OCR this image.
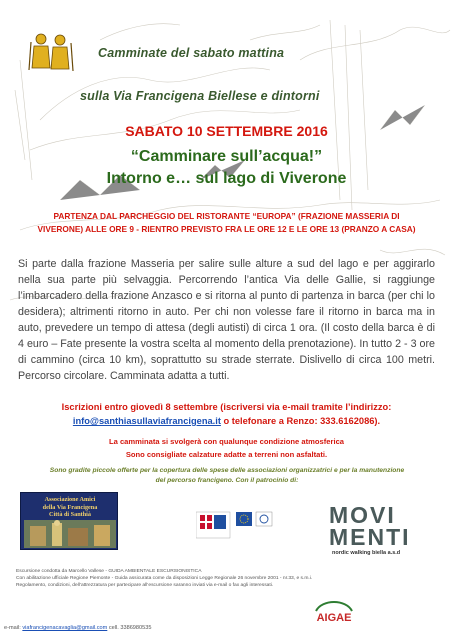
Camminate del sabato mattina
sulla Via Francigena Biellese e dintorni
SABATO 10 SETTEMBRE 2016
“Camminare sull’acqua!”
Intorno e… sul lago di Viverone
PARTENZA DAL PARCHEGGIO DEL RISTORANTE “EUROPA” (FRAZIONE MASSERIA DI
VIVERONE) ALLE ORE 9 - RIENTRO PREVISTO FRA LE ORE 12 E LE ORE 13 (PRANZO A CASA)
Si parte dalla frazione Masseria per salire sulle alture a sud del lago e per aggirarlo nella sua parte più selvaggia. Percorrendo l’antica Via delle Gallie, si raggiunge l’imbarcadero della frazione Anzasco e si ritorna al punto di partenza in barca (per chi lo desidera); altrimenti ritorno in auto. Per chi non volesse fare il ritorno in barca ma in auto, prevedere un tempo di attesa (degli autisti) di circa 1 ora. (Il costo della barca è di 4 euro – Fate presente la vostra scelta al momento della prenotazione). In tutto 2 - 3 ore di cammino (circa 10 km), soprattutto su strade sterrate. Dislivello di circa 100 metri. Percorso circolare. Camminata adatta a tutti.
Iscrizioni entro giovedì 8 settembre (iscriversi via e-mail tramite l’indirizzo:
info@santhiasullaviafrancigena.it o telefonare a Renzo: 333.6162086).
La camminata si svolgerà con qualunque condizione atmosferica
Sono consigliate calzature adatte a terreni non asfaltati.
Sono gradite piccole offerte per la copertura delle spese delle associazioni organizzatrici e per la manutenzione
del percorso francigeno. Con il patrocinio di:
Associazione Amici
della Via Francigena
Città di Santhià	MOVI
MENTI
nordic walking biella a.s.d
Escursione condotta da Marcello Vallese - GUIDA AMBIENTALE ESCURSIONISTICA
Con abilitazione ufficiale Regione Piemonte - Guida assicurata come da disposizioni Legge Regionale 26 novembre 2001 - nr.33, e s.m.i.
Regolamento, condizioni, dell’attrezzatura per partecipare all’escursione saranno inviati via e-mail o fax agli interessati.
AIGAE
e-mail: viafrancigenacavaglia@gmail.com cell. 3386980535
